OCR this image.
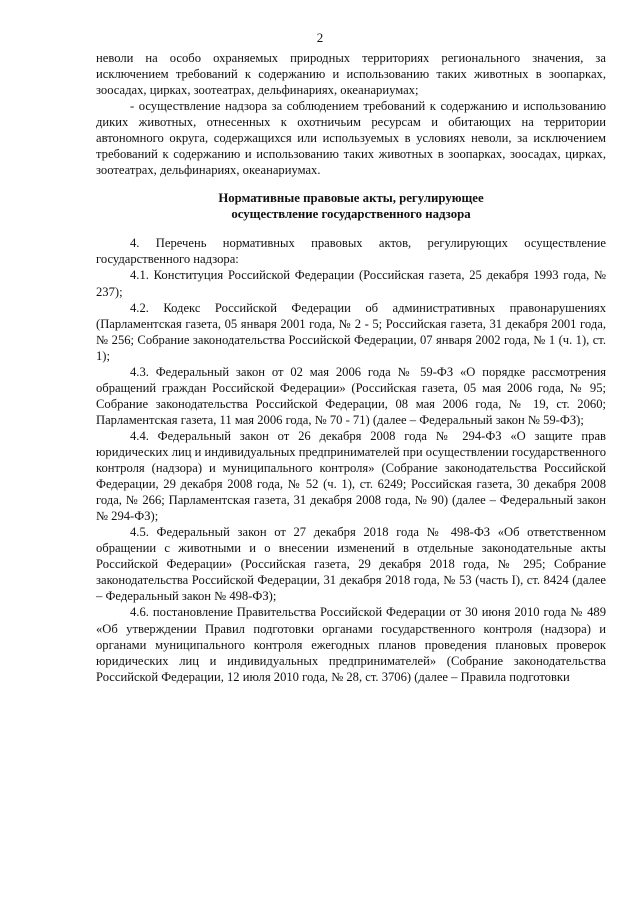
2

неволи на особо охраняемых природных территориях регионального значения, за исключением требований к содержанию и использованию таких животных в зоопарках, зоосадах, цирках, зоотеатрах, дельфинариях, океанариумах;

- осуществление надзора за соблюдением требований к содержанию и использованию диких животных, отнесенных к охотничьим ресурсам и обитающих на территории автономного округа, содержащихся или используемых в условиях неволи, за исключением требований к содержанию и использованию таких животных в зоопарках, зоосадах, цирках, зоотеатрах, дельфинариях, океанариумах.

Нормативные правовые акты, регулирующее
осуществление государственного надзора

4. Перечень нормативных правовых актов, регулирующих осуществление государственного надзора:

4.1. Конституция Российской Федерации (Российская газета, 25 декабря 1993 года, № 237);

4.2. Кодекс Российской Федерации об административных правонарушениях (Парламентская газета, 05 января 2001 года, № 2 - 5; Российская газета, 31 декабря 2001 года, № 256; Собрание законодательства Российской Федерации, 07 января 2002 года, № 1 (ч. 1), ст. 1);

4.3. Федеральный закон от 02 мая 2006 года № 59-ФЗ «О порядке рассмотрения обращений граждан Российской Федерации» (Российская газета, 05 мая 2006 года, № 95; Собрание законодательства Российской Федерации, 08 мая 2006 года, № 19, ст. 2060; Парламентская газета, 11 мая 2006 года, № 70 - 71) (далее – Федеральный закон № 59-ФЗ);

4.4. Федеральный закон от 26 декабря 2008 года № 294-ФЗ «О защите прав юридических лиц и индивидуальных предпринимателей при осуществлении государственного контроля (надзора) и муниципального контроля» (Собрание законодательства Российской Федерации, 29 декабря 2008 года, № 52 (ч. 1), ст. 6249; Российская газета, 30 декабря 2008 года, № 266; Парламентская газета, 31 декабря 2008 года, № 90) (далее – Федеральный закон № 294-ФЗ);

4.5. Федеральный закон от 27 декабря 2018 года № 498-ФЗ «Об ответственном обращении с животными и о внесении изменений в отдельные законодательные акты Российской Федерации» (Российская газета, 29 декабря 2018 года, № 295; Собрание законодательства Российской Федерации, 31 декабря 2018 года, № 53 (часть I), ст. 8424 (далее – Федеральный закон № 498-ФЗ);

4.6. постановление Правительства Российской Федерации от 30 июня 2010 года № 489 «Об утверждении Правил подготовки органами государственного контроля (надзора) и органами муниципального контроля ежегодных планов проведения плановых проверок юридических лиц и индивидуальных предпринимателей» (Собрание законодательства Российской Федерации, 12 июля 2010 года, № 28, ст. 3706) (далее – Правила подготовки
